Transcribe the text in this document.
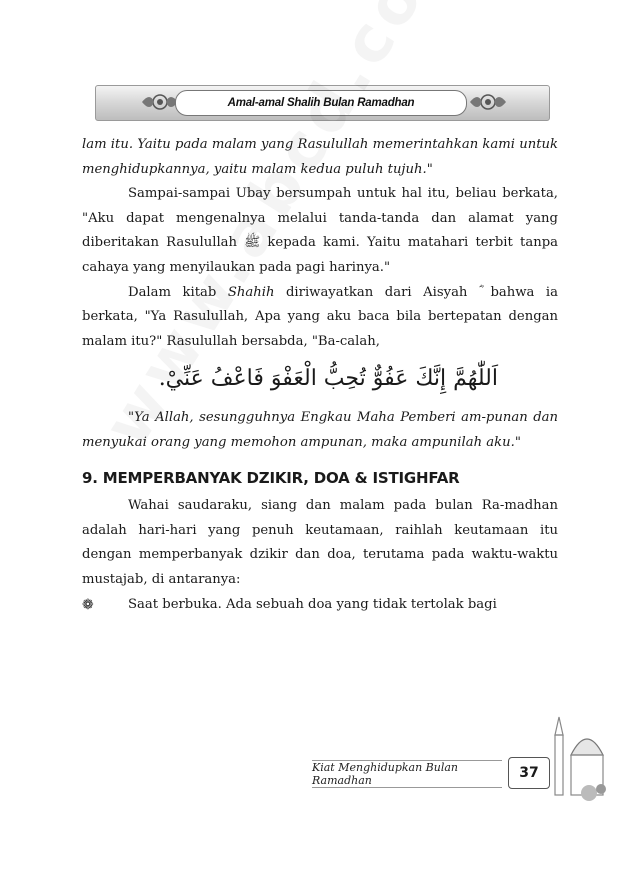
Amal-amal Shalih Bulan Ramadhan

lam itu. Yaitu pada malam yang Rasulullah memerintahkan kami untuk menghidupkannya, yaitu malam kedua puluh tujuh."

Sampai-sampai Ubay bersumpah untuk hal itu, beliau berkata, "Aku dapat mengenalnya melalui tanda-tanda dan alamat yang diberitakan Rasulullah ﷺ kepada kami. Yaitu matahari terbit tanpa cahaya yang menyilaukan pada pagi harinya."

Dalam kitab Shahih diriwayatkan dari Aisyah ؓ bahwa ia berkata, "Ya Rasulullah, Apa yang aku baca bila bertepatan dengan malam itu?" Rasulullah bersabda, "Ba-calah,

اَللّٰهُمَّ إِنَّكَ عَفُوٌّ تُحِبُّ الْعَفْوَ فَاعْفُ عَنِّيْ.

"Ya Allah, sesungguhnya Engkau Maha Pemberi am-punan dan menyukai orang yang memohon ampunan, maka ampunilah aku."

9. MEMPERBANYAK DZIKIR, DOA & ISTIGHFAR

Wahai saudaraku, siang dan malam pada bulan Ra-madhan adalah hari-hari yang penuh keutamaan, raihlah keutamaan itu dengan memperbanyak dzikir dan doa, terutama pada waktu-waktu mustajab, di antaranya:

❁	Saat berbuka. Ada sebuah doa yang tidak tertolak bagi
Kiat Menghidupkan Bulan Ramadhan	37
